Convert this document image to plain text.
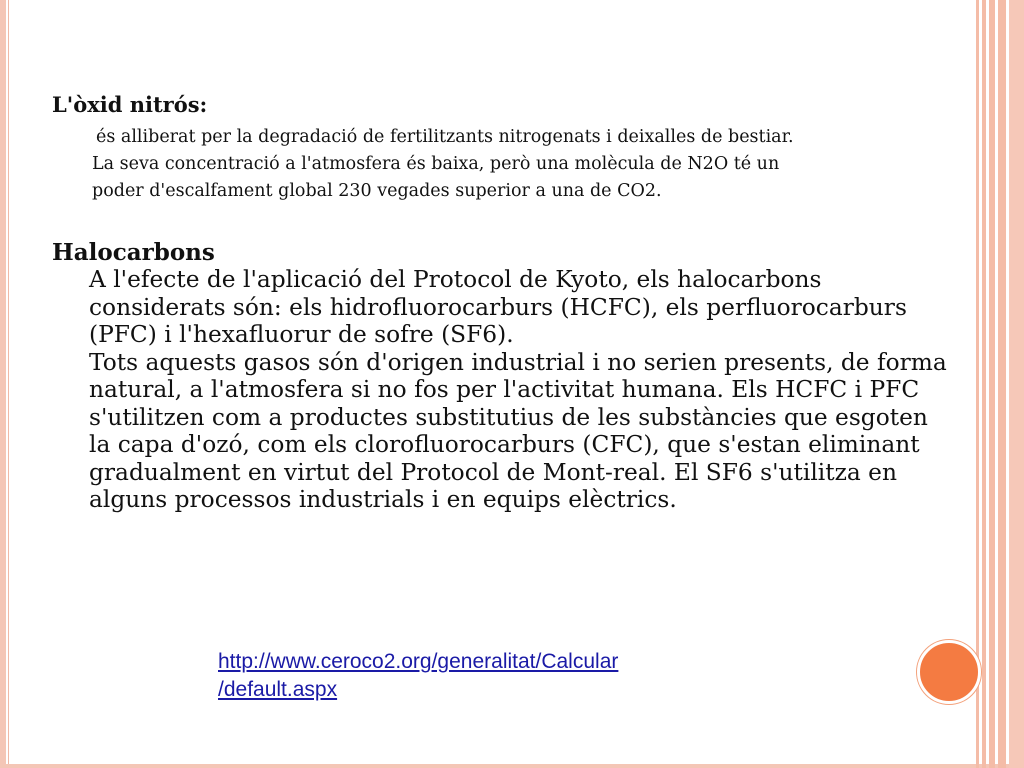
L'òxid nitrós:

és alliberat per la degradació de fertilitzants nitrogenats i deixalles de bestiar.

La seva concentració a l'atmosfera és baixa, però una molècula de N2O té un

poder d'escalfament global 230 vegades superior a una de CO2.

Halocarbons

A l'efecte de l'aplicació del Protocol de Kyoto, els halocarbons considerats són: els hidrofluorocarburs (HCFC), els perfluorocarburs (PFC) i l'hexafluorur de sofre (SF6).

Tots aquests gasos són d'origen industrial i no serien presents, de forma natural, a l'atmosfera si no fos per l'activitat humana. Els HCFC i PFC s'utilitzen com a productes substitutius de les substàncies que esgoten la capa d'ozó, com els clorofluorocarburs (CFC), que s'estan eliminant gradualment en virtut del Protocol de Mont-real. El SF6 s'utilitza en alguns processos industrials i en equips elèctrics.

http://www.ceroco2.org/generalitat/Calcular
/default.aspx
